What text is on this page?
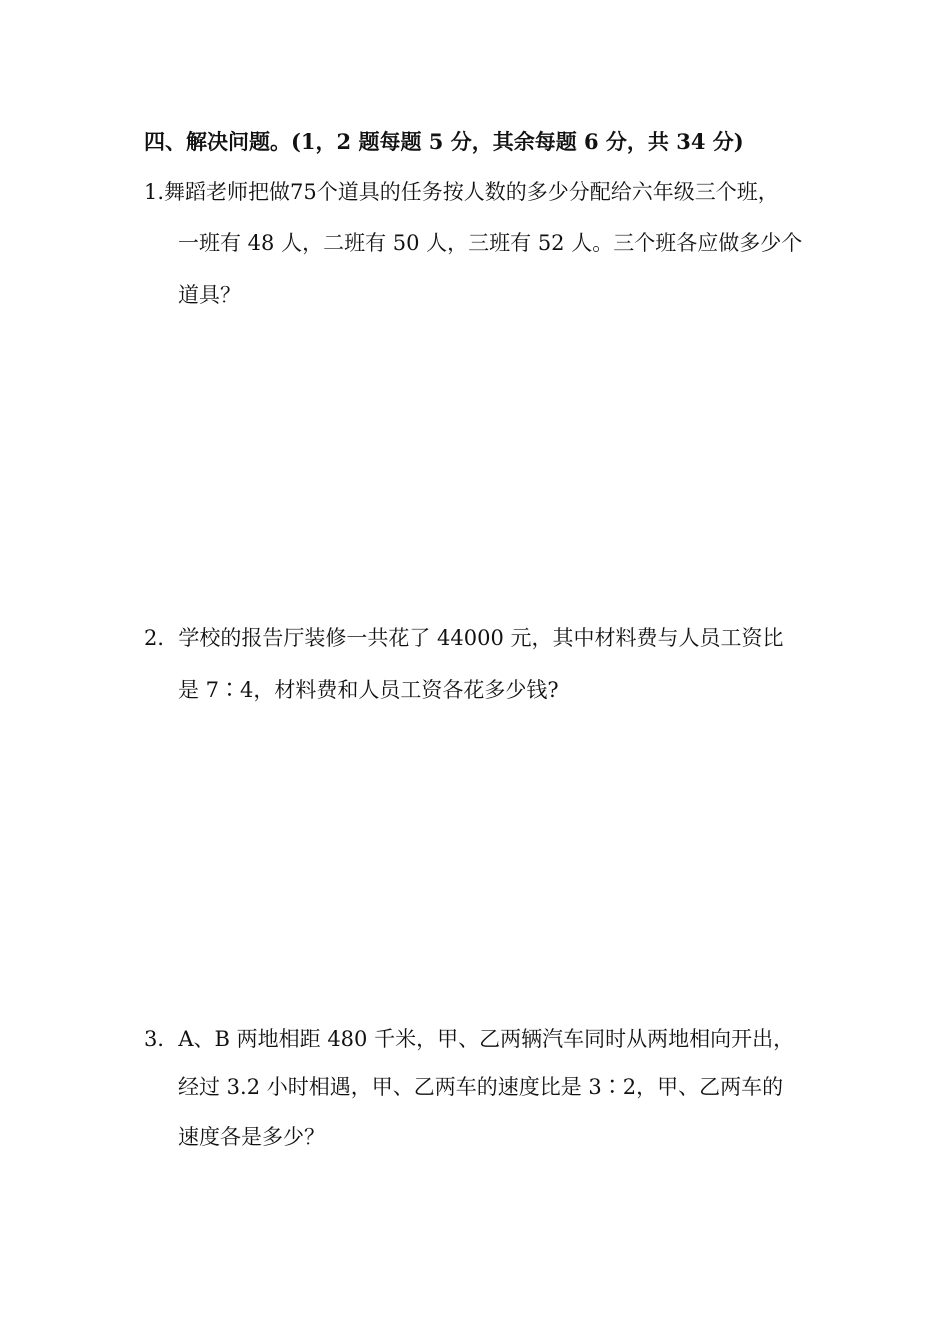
四、解决问题。(1，2 题每题 5 分，其余每题 6 分，共 34 分)
1.舞蹈老师把做75个道具的任务按人数的多少分配给六年级三个班，
一班有 48 人，二班有 50 人，三班有 52 人。三个班各应做多少个
道具？
2．学校的报告厅装修一共花了 44000 元，其中材料费与人员工资比
是 7∶4，材料费和人员工资各花多少钱?
3．A、B 两地相距 480 千米，甲、乙两辆汽车同时从两地相向开出，
经过 3.2 小时相遇，甲、乙两车的速度比是 3∶2，甲、乙两车的
速度各是多少？
